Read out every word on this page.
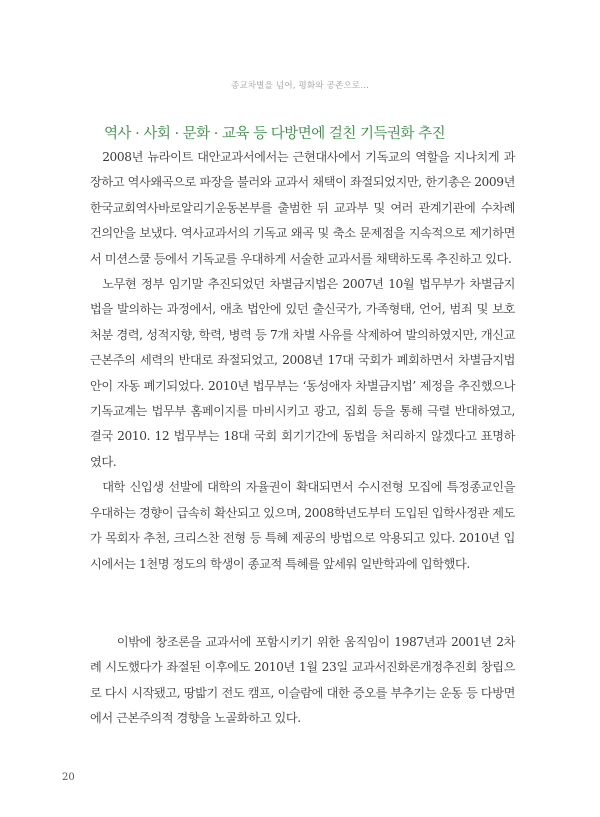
종교차별을 넘어, 평화와 공존으로...
역사 · 사회 · 문화 · 교육 등 다방면에 걸친 기득권화 추진

2008년 뉴라이트 대안교과서에서는 근현대사에서 기독교의 역할을 지나치게 과장하고 역사왜곡으로 파장을 불러와 교과서 채택이 좌절되었지만, 한기총은 2009년 한국교회역사바로알리기운동본부를 출범한 뒤 교과부 및 여러 관계기관에 수차례 건의안을 보냈다. 역사교과서의 기독교 왜곡 및 축소 문제점을 지속적으로 제기하면서 미션스쿨 등에서 기독교를 우대하게 서술한 교과서를 채택하도록 추진하고 있다.

노무현 정부 임기말 추진되었던 차별금지법은 2007년 10월 법무부가 차별금지법을 발의하는 과정에서, 애초 법안에 있던 출신국가, 가족형태, 언어, 범죄 및 보호처분 경력, 성적지향, 학력, 병력 등 7개 차별 사유를 삭제하여 발의하였지만, 개신교 근본주의 세력의 반대로 좌절되었고, 2008년 17대 국회가 폐회하면서 차별금지법안이 자동 폐기되었다. 2010년 법무부는 ‘동성애자 차별금지법’ 제정을 추진했으나 기독교계는 법무부 홈페이지를 마비시키고 광고, 집회 등을 통해 극렬 반대하였고, 결국 2010. 12 법무부는 18대 국회 회기기간에 동법을 처리하지 않겠다고 표명하였다.

대학 신입생 선발에 대학의 자율권이 확대되면서 수시전형 모집에 특정종교인을 우대하는 경향이 급속히 확산되고 있으며, 2008학년도부터 도입된 입학사정관 제도가 목회자 추천, 크리스찬 전형 등 특혜 제공의 방법으로 악용되고 있다. 2010년 입시에서는 1천명 정도의 학생이 종교적 특혜를 앞세워 일반학과에 입학했다.

이밖에 창조론을 교과서에 포함시키기 위한 움직임이 1987년과 2001년 2차례 시도했다가 좌절된 이후에도 2010년 1월 23일 교과서진화론개정추진회 창립으로 다시 시작됐고, 땅밟기 전도 캠프, 이슬람에 대한 증오를 부추기는 운동 등 다방면에서 근본주의적 경향을 노골화하고 있다.

20
